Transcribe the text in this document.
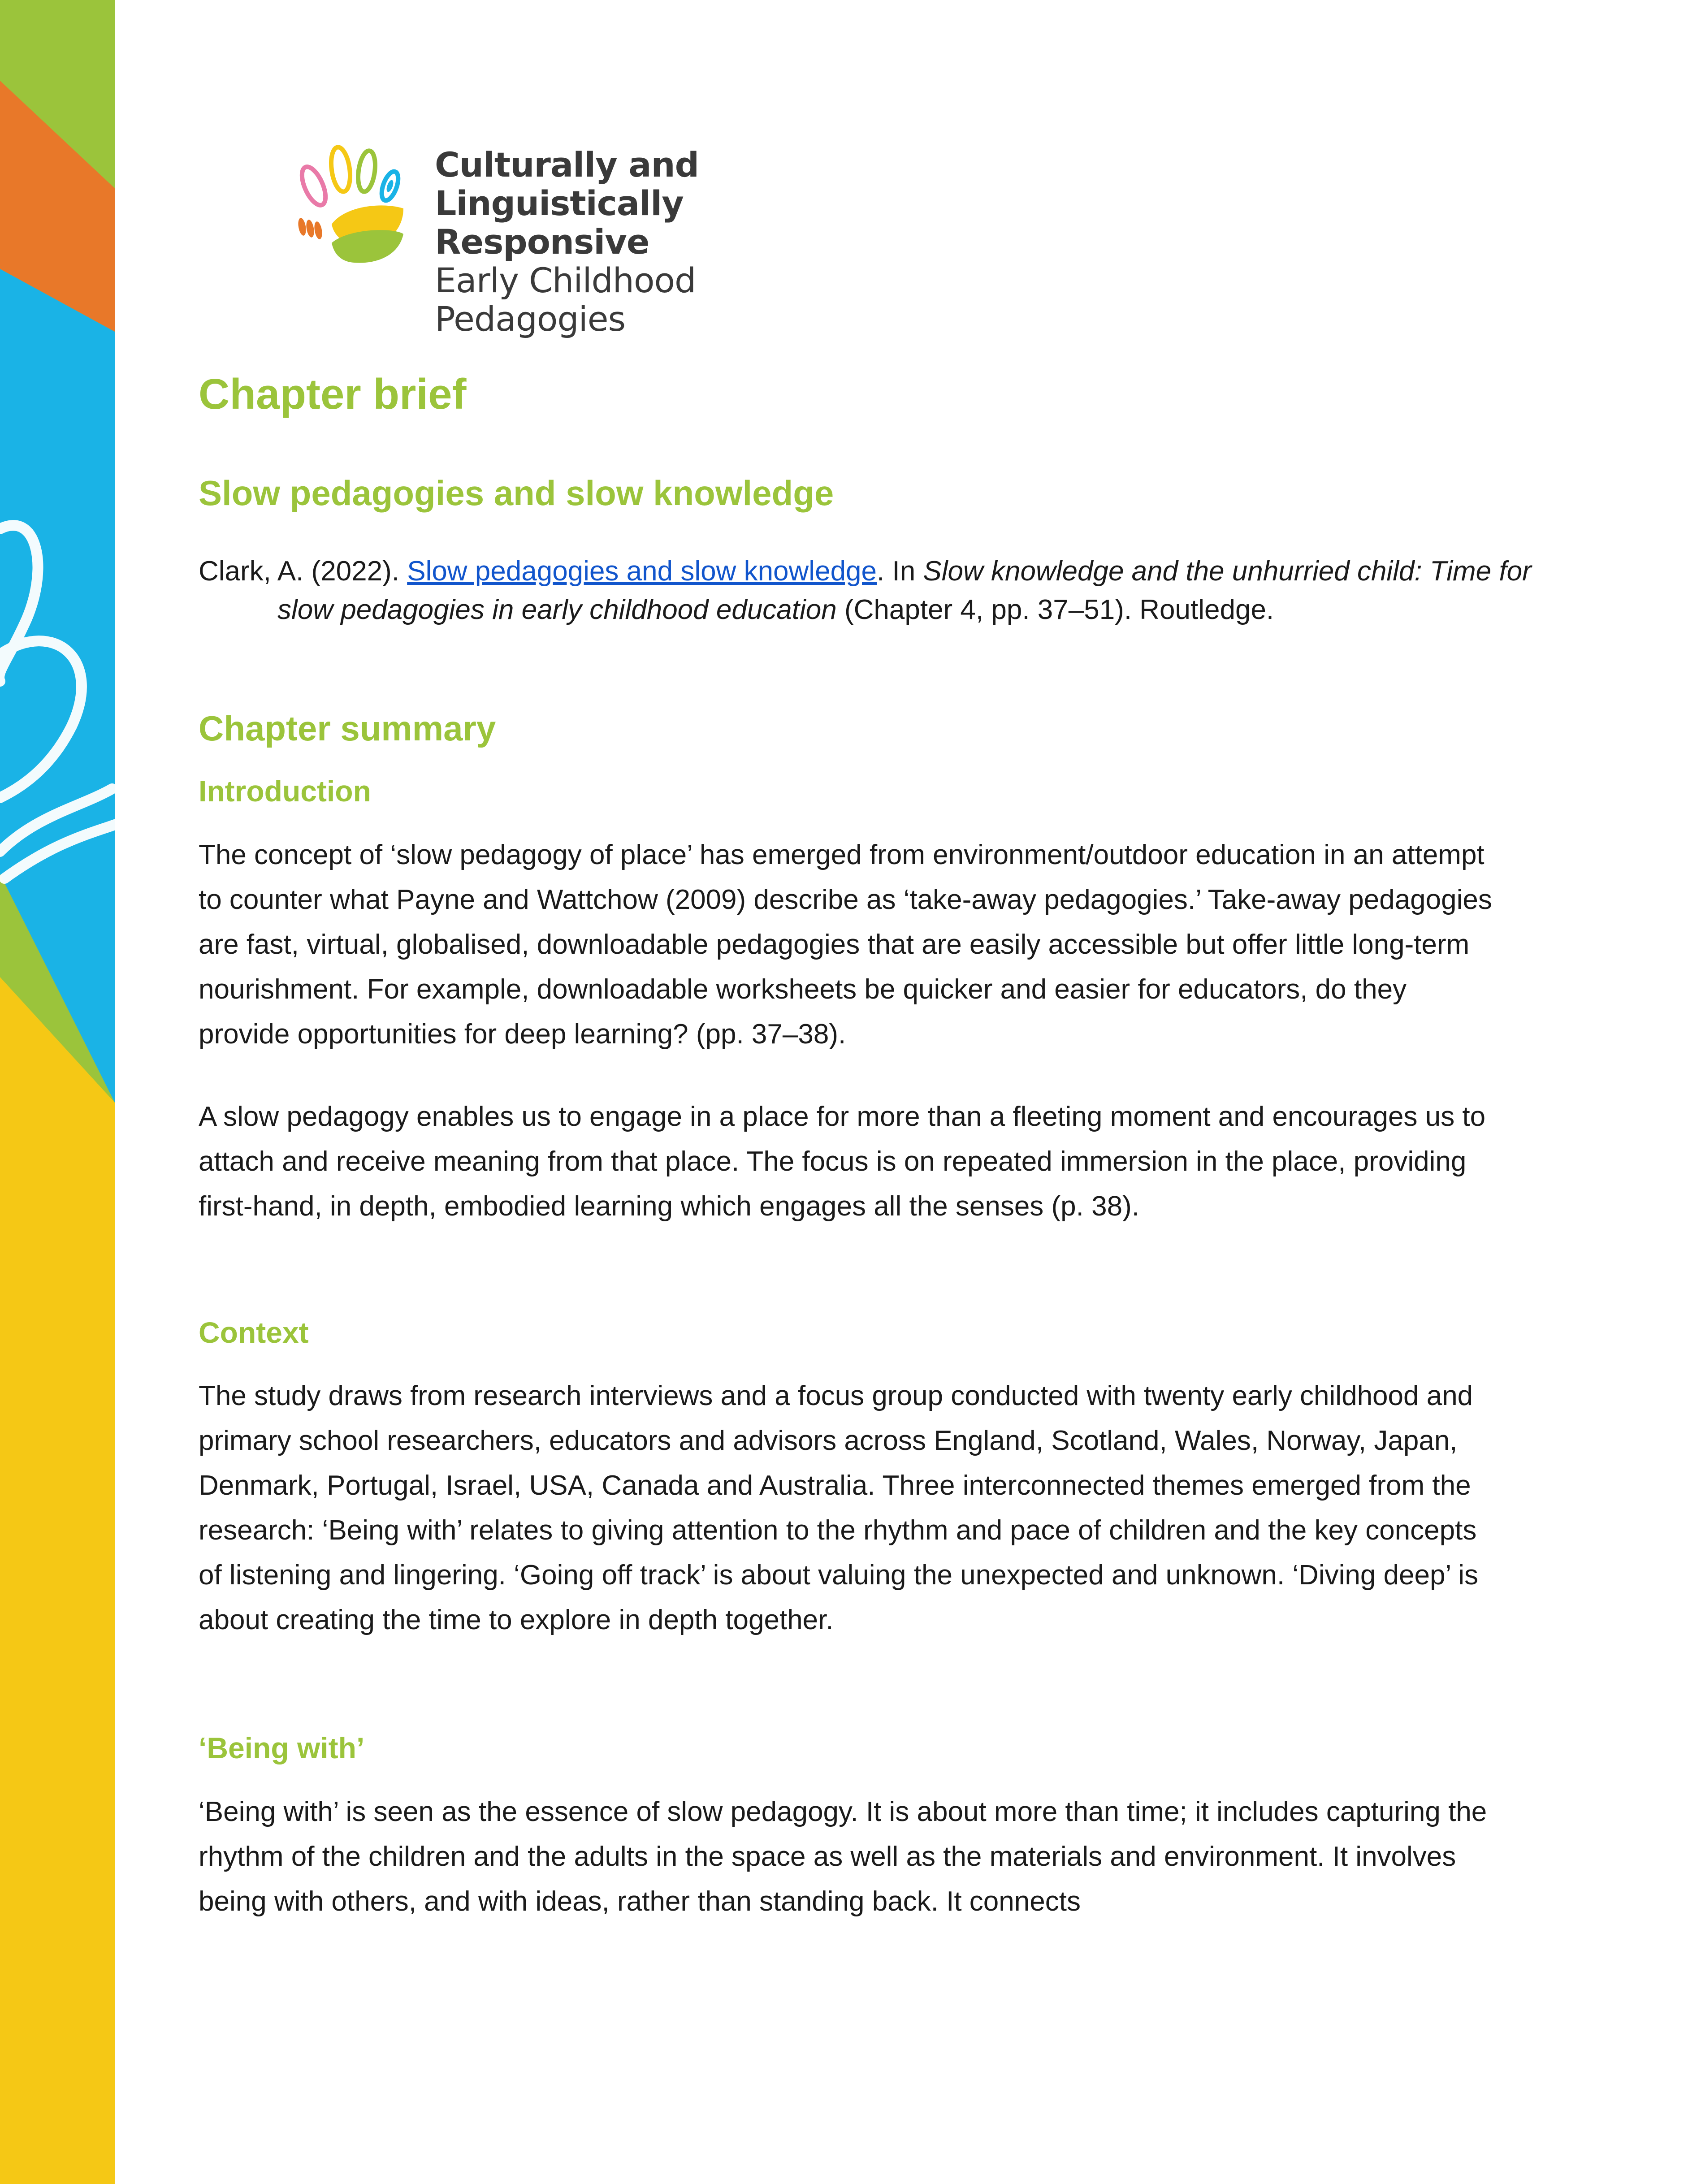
Culturally and
Linguistically Responsive
Early Childhood Pedagogies
Chapter brief
Slow pedagogies and slow knowledge

Clark, A. (2022). Slow pedagogies and slow knowledge. In Slow knowledge and the unhurried child: Time for slow pedagogies in early childhood education (Chapter 4, pp. 37–51). Routledge.

Chapter summary
Introduction

The concept of ‘slow pedagogy of place’ has emerged from environment/outdoor education in an attempt to counter what Payne and Wattchow (2009) describe as ‘take-away pedagogies.’ Take-away pedagogies are fast, virtual, globalised, downloadable pedagogies that are easily accessible but offer little long-term nourishment. For example, downloadable worksheets be quicker and easier for educators, do they provide opportunities for deep learning? (pp. 37–38).

A slow pedagogy enables us to engage in a place for more than a fleeting moment and encourages us to attach and receive meaning from that place. The focus is on repeated immersion in the place, providing first-hand, in depth, embodied learning which engages all the senses (p. 38).

Context

The study draws from research interviews and a focus group conducted with twenty early childhood and primary school researchers, educators and advisors across England, Scotland, Wales, Norway, Japan, Denmark, Portugal, Israel, USA, Canada and Australia. Three interconnected themes emerged from the research: ‘Being with’ relates to giving attention to the rhythm and pace of children and the key concepts of listening and lingering. ‘Going off track’ is about valuing the unexpected and unknown. ‘Diving deep’ is about creating the time to explore in depth together.

‘Being with’

‘Being with’ is seen as the essence of slow pedagogy. It is about more than time; it includes capturing the rhythm of the children and the adults in the space as well as the materials and environment. It involves being with others, and with ideas, rather than standing back. It connects
